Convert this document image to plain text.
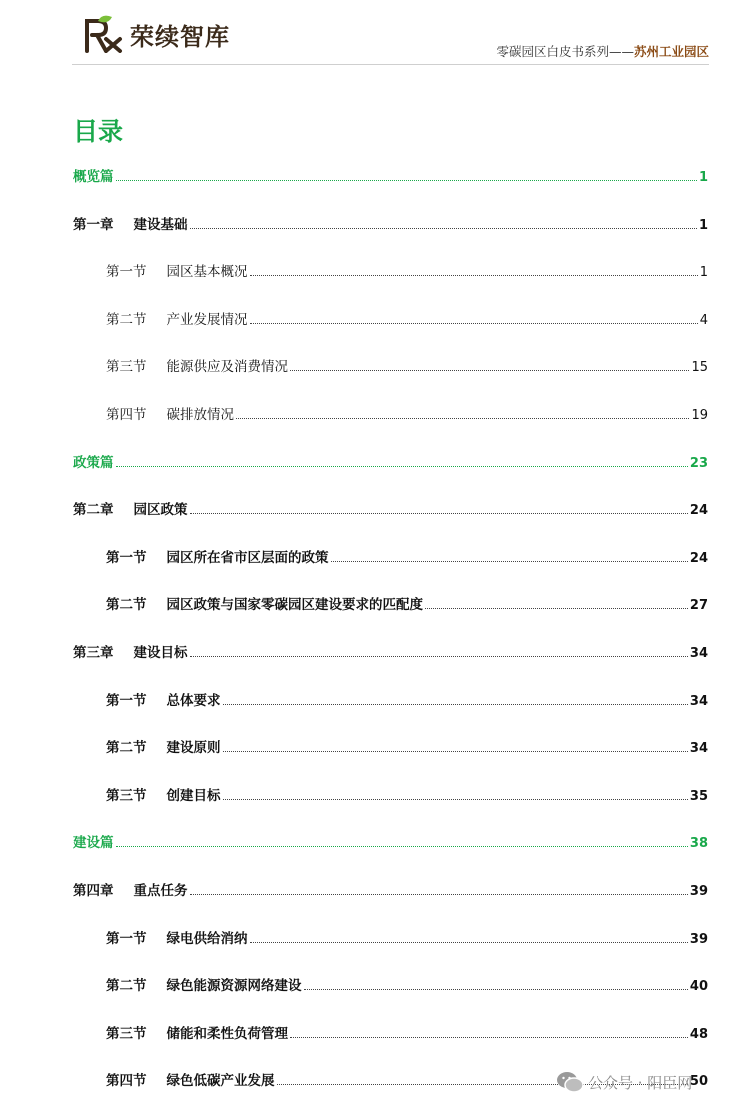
荣续智库
零碳园区白皮书系列——苏州工业园区
目录
概览篇	1
第一章 建设基础	1
第一节 园区基本概况	1
第二节 产业发展情况	4
第三节 能源供应及消费情况	15
第四节 碳排放情况	19
政策篇	23
第二章 园区政策	24
第一节 园区所在省市区层面的政策	24
第二节 园区政策与国家零碳园区建设要求的匹配度	27
第三章 建设目标	34
第一节 总体要求	34
第二节 建设原则	34
第三节 创建目标	35
建设篇	38
第四章 重点任务	39
第一节 绿电供给消纳	39
第二节 绿色能源资源网络建设	40
第三节 储能和柔性负荷管理	48
第四节 绿色低碳产业发展	50
公众号 · 阳臣网
